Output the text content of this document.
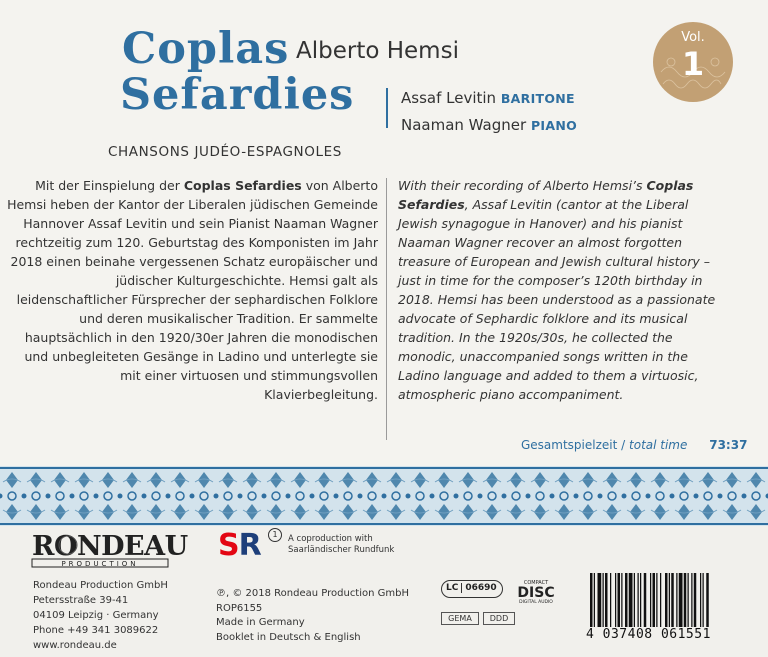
Coplas
Sefardies
Alberto Hemsi
CHANSONS JUDÉO-ESPAGNOLES
Assaf Levitin BARITONE
Naaman Wagner PIANO
Vol.
1
Mit der Einspielung der Coplas Sefardies von Alberto Hemsi heben der Kantor der Liberalen jüdischen Gemeinde Hannover Assaf Levitin und sein Pianist Naaman Wagner rechtzeitig zum 120. Geburtstag des Komponisten im Jahr 2018 einen beinahe vergessenen Schatz europäischer und jüdischer Kulturgeschichte. Hemsi galt als leidenschaftlicher Fürsprecher der sephardischen Folklore und deren musikalischer Tradition. Er sammelte hauptsächlich in den 1920/30er Jahren die monodischen und unbegleiteten Gesänge in Ladino und unterlegte sie mit einer virtuosen und stimmungsvollen Klavierbegleitung.
With their recording of Alberto Hemsi’s Coplas Sefardies, Assaf Levitin (cantor at the Liberal Jewish synagogue in Hanover) and his pianist Naaman Wagner recover an almost forgotten treasure of European and Jewish cultural history – just in time for the composer’s 120th birthday in 2018. Hemsi has been understood as a passionate advocate of Sephardic folklore and its musical tradition. In the 1920s/30s, he collected the monodic, unaccompanied songs written in the Ladino language and added to them a virtuosic, atmospheric piano accompaniment.
Gesamtspielzeit / total time 73:37
RONDEAU
PRODUCTION
Rondeau Production GmbH
Petersstraße 39-41
04109 Leipzig · Germany
Phone +49 341 3089622
www.rondeau.de
SR	1	A coproduction with
Saarländischer Rundfunk
℗, © 2018 Rondeau Production GmbH
ROP6155
Made in Germany
Booklet in Deutsch & English
LC 06690	COMPACT
DISC
DIGITAL AUDIO
GEMA	DDD
4 037408 061551
